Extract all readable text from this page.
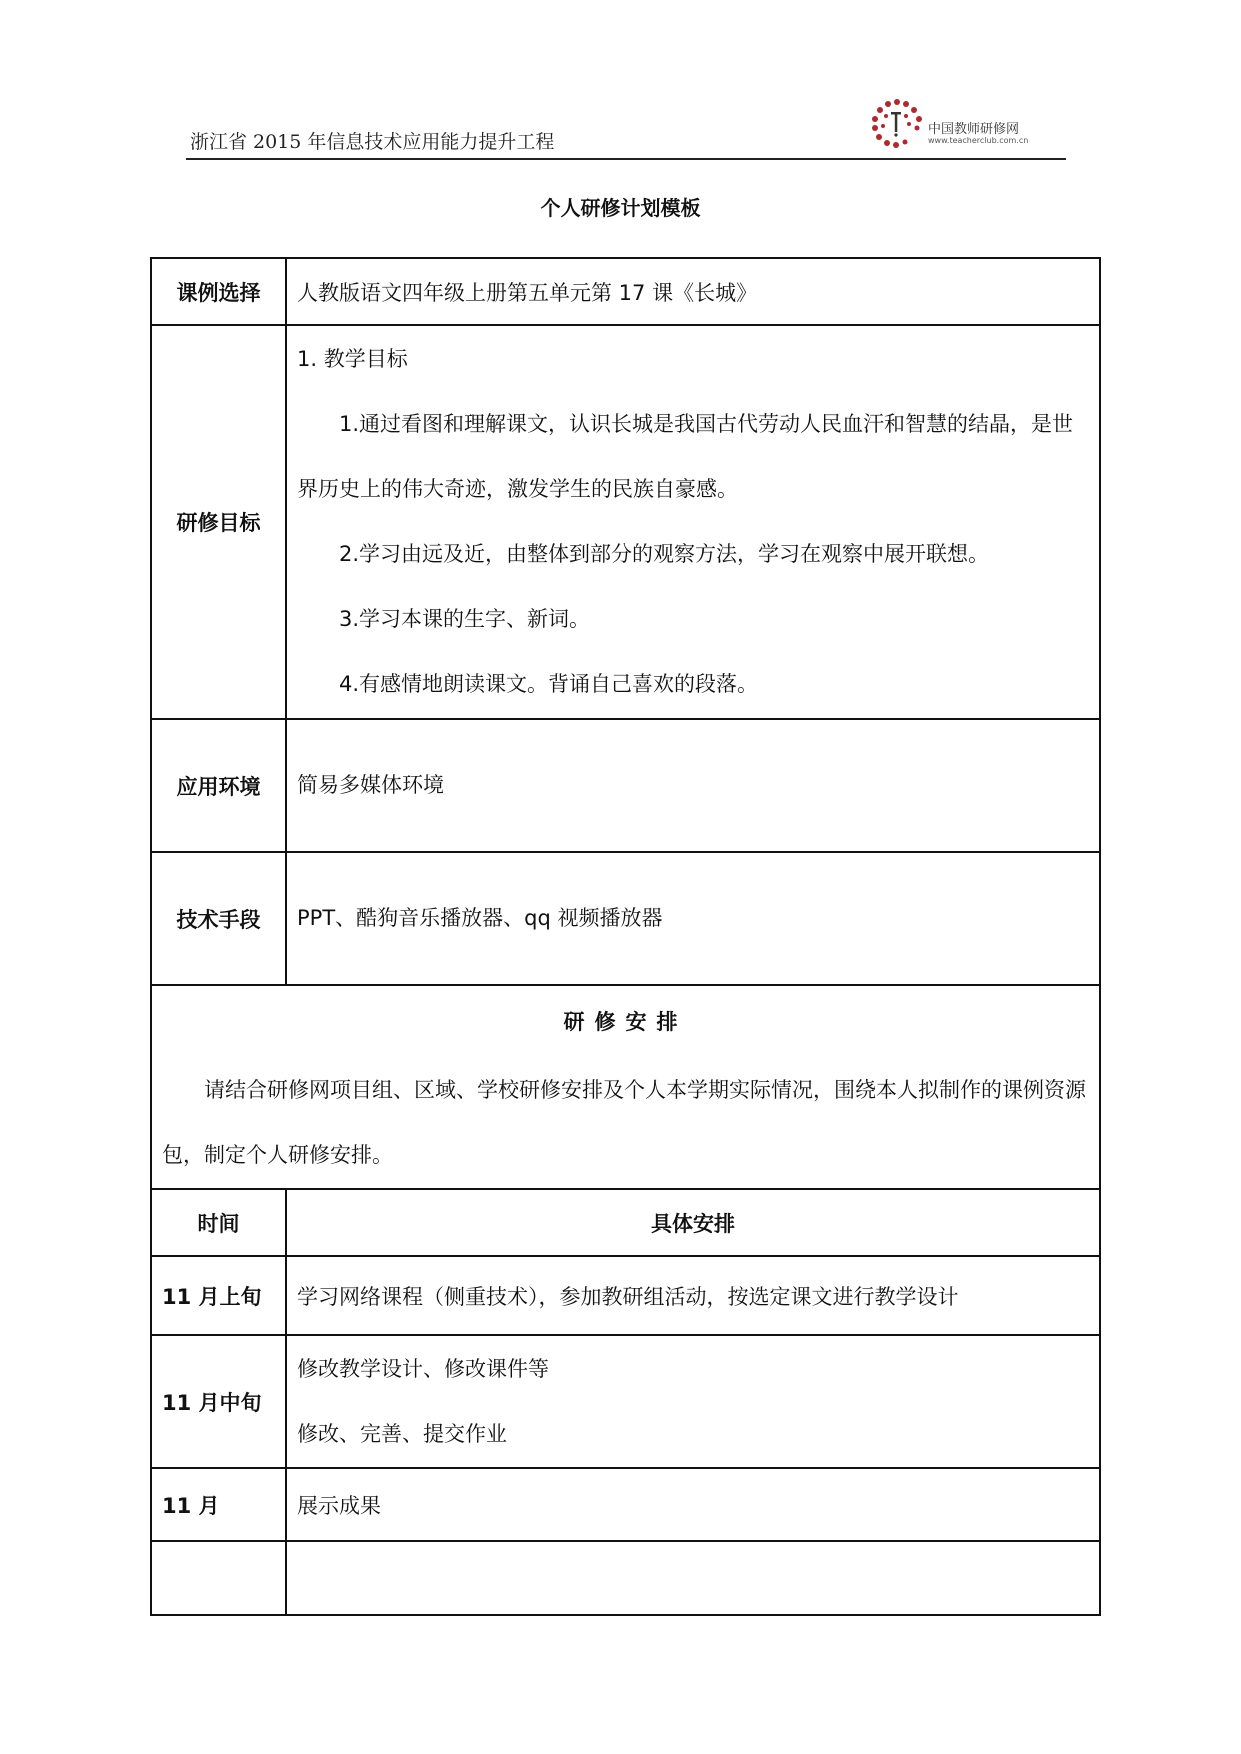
浙江省 2015 年信息技术应用能力提升工程
中国教师研修网
www.teacherclub.com.cn
个人研修计划模板
课例选择	人教版语文四年级上册第五单元第 17 课《长城》
研修目标	1. 教学目标

1.通过看图和理解课文，认识长城是我国古代劳动人民血汗和智慧的结晶，是世界历史上的伟大奇迹，激发学生的民族自豪感。

2.学习由远及近，由整体到部分的观察方法，学习在观察中展开联想。

3.学习本课的生字、新词。

4.有感情地朗读课文。背诵自己喜欢的段落。

应用环境	简易多媒体环境

技术手段	PPT、酷狗音乐播放器、qq 视频播放器

研修安排

请结合研修网项目组、区域、学校研修安排及个人本学期实际情况，围绕本人拟制作的课例资源包，制定个人研修安排。	

时间	具体安排
11 月上旬	学习网络课程（侧重技术），参加教研组活动，按选定课文进行教学设计
11 月中旬	修改教学设计、修改课件等

修改、完善、提交作业

11 月	展示成果
